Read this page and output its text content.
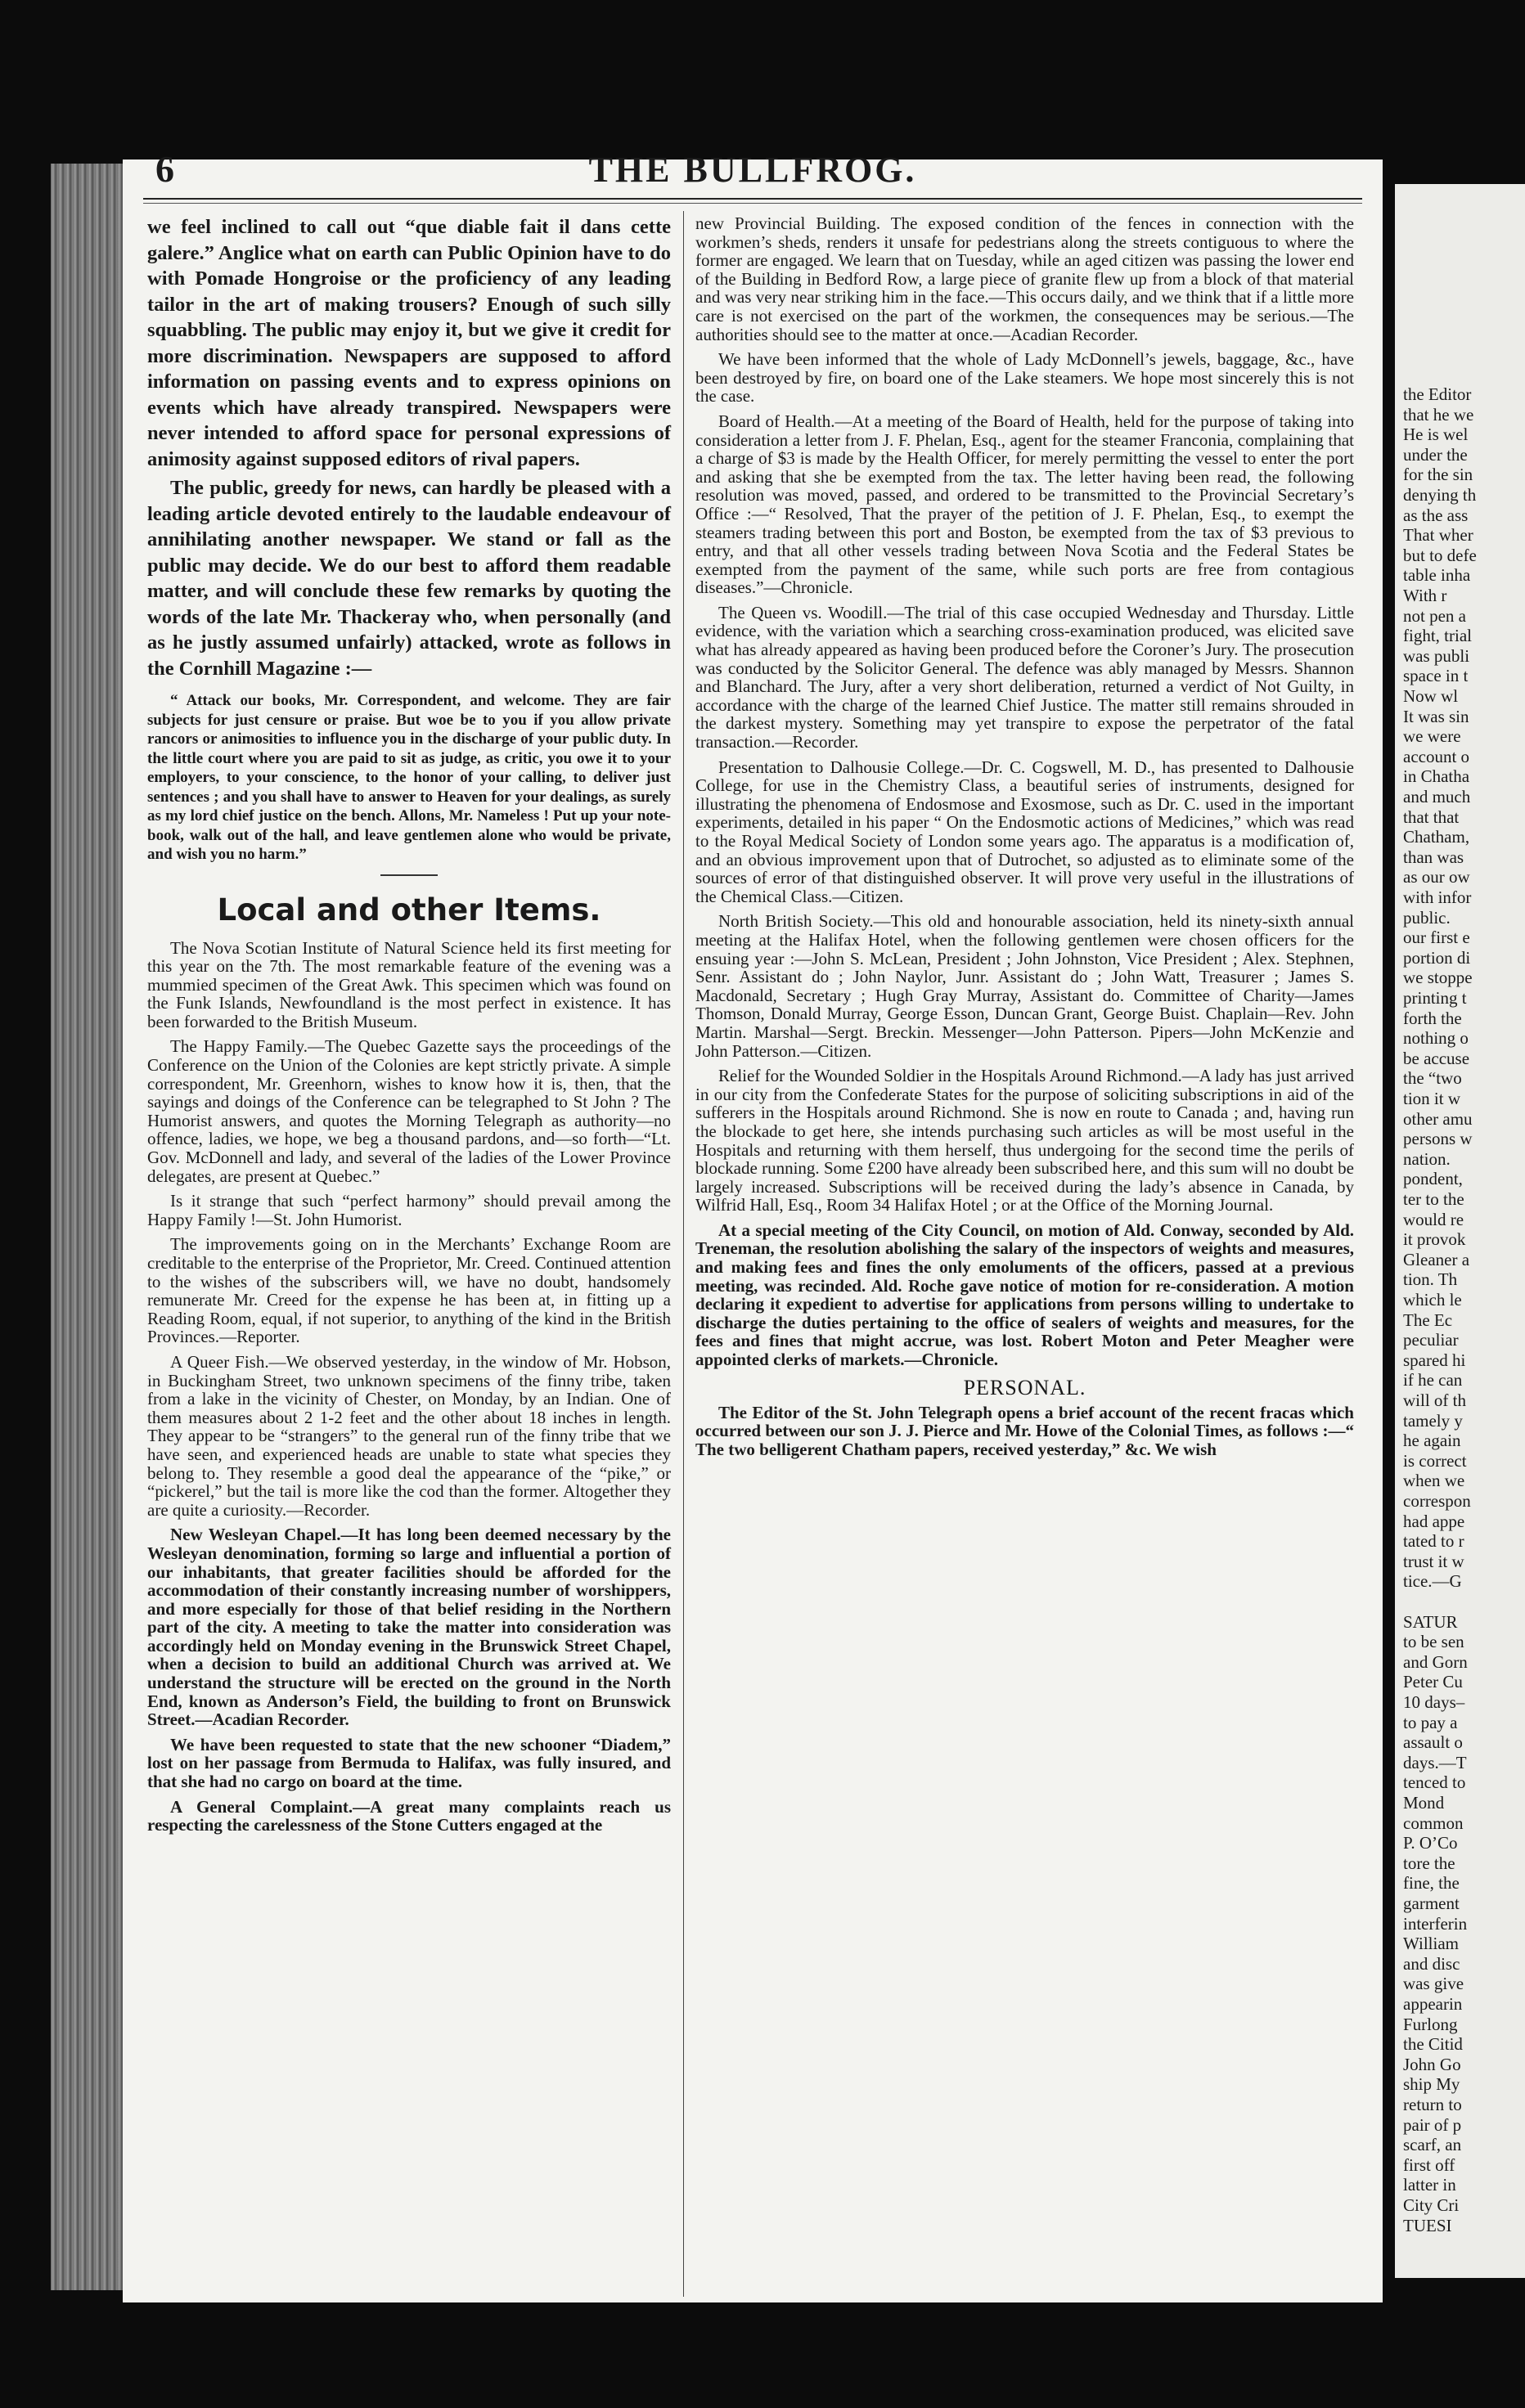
6	THE BULLFROG.

we feel inclined to call out “que diable fait il dans cette galere.” Anglice what on earth can Public Opinion have to do with Pomade Hongroise or the proficiency of any leading tailor in the art of making trousers? Enough of such silly squabbling. The public may enjoy it, but we give it credit for more discrimination. Newspapers are supposed to afford information on passing events and to express opinions on events which have already transpired. Newspapers were never intended to afford space for personal expressions of animosity against supposed editors of rival papers.

The public, greedy for news, can hardly be pleased with a leading article devoted entirely to the laudable endeavour of annihilating another newspaper. We stand or fall as the public may decide. We do our best to afford them readable matter, and will conclude these few remarks by quoting the words of the late Mr. Thackeray who, when personally (and as he justly assumed unfairly) attacked, wrote as follows in the Cornhill Magazine :—

“ Attack our books, Mr. Correspondent, and welcome. They are fair subjects for just censure or praise. But woe be to you if you allow private rancors or animosities to influence you in the discharge of your public duty. In the little court where you are paid to sit as judge, as critic, you owe it to your employers, to your conscience, to the honor of your calling, to deliver just sentences ; and you shall have to answer to Heaven for your dealings, as surely as my lord chief justice on the bench. Allons, Mr. Nameless ! Put up your note-book, walk out of the hall, and leave gentlemen alone who would be private, and wish you no harm.”

Local and other Items.

The Nova Scotian Institute of Natural Science held its first meeting for this year on the 7th. The most remarkable feature of the evening was a mummied specimen of the Great Awk. This specimen which was found on the Funk Islands, Newfoundland is the most perfect in existence. It has been forwarded to the British Museum.

The Happy Family.—The Quebec Gazette says the proceedings of the Conference on the Union of the Colonies are kept strictly private. A simple correspondent, Mr. Greenhorn, wishes to know how it is, then, that the sayings and doings of the Conference can be telegraphed to St John ? The Humorist answers, and quotes the Morning Telegraph as authority—no offence, ladies, we hope, we beg a thousand pardons, and—so forth—“Lt. Gov. McDonnell and lady, and several of the ladies of the Lower Province delegates, are present at Quebec.”

Is it strange that such “perfect harmony” should prevail among the Happy Family !—St. John Humorist.

The improvements going on in the Merchants’ Exchange Room are creditable to the enterprise of the Proprietor, Mr. Creed. Continued attention to the wishes of the subscribers will, we have no doubt, handsomely remunerate Mr. Creed for the expense he has been at, in fitting up a Reading Room, equal, if not superior, to anything of the kind in the British Provinces.—Reporter.

A Queer Fish.—We observed yesterday, in the window of Mr. Hobson, in Buckingham Street, two unknown specimens of the finny tribe, taken from a lake in the vicinity of Chester, on Monday, by an Indian. One of them measures about 2 1-2 feet and the other about 18 inches in length. They appear to be “strangers” to the general run of the finny tribe that we have seen, and experienced heads are unable to state what species they belong to. They resemble a good deal the appearance of the “pike,” or “pickerel,” but the tail is more like the cod than the former. Altogether they are quite a curiosity.—Recorder.

New Wesleyan Chapel.—It has long been deemed necessary by the Wesleyan denomination, forming so large and influential a portion of our inhabitants, that greater facilities should be afforded for the accommodation of their constantly increasing number of worshippers, and more especially for those of that belief residing in the Northern part of the city. A meeting to take the matter into consideration was accordingly held on Monday evening in the Brunswick Street Chapel, when a decision to build an additional Church was arrived at. We understand the structure will be erected on the ground in the North End, known as Anderson’s Field, the building to front on Brunswick Street.—Acadian Recorder.

We have been requested to state that the new schooner “Diadem,” lost on her passage from Bermuda to Halifax, was fully insured, and that she had no cargo on board at the time.

A General Complaint.—A great many complaints reach us respecting the carelessness of the Stone Cutters engaged at the

new Provincial Building. The exposed condition of the fences in connection with the workmen’s sheds, renders it unsafe for pedestrians along the streets contiguous to where the former are engaged. We learn that on Tuesday, while an aged citizen was passing the lower end of the Building in Bedford Row, a large piece of granite flew up from a block of that material and was very near striking him in the face.—This occurs daily, and we think that if a little more care is not exercised on the part of the workmen, the consequences may be serious.—The authorities should see to the matter at once.—Acadian Recorder.

We have been informed that the whole of Lady McDonnell’s jewels, baggage, &c., have been destroyed by fire, on board one of the Lake steamers. We hope most sincerely this is not the case.

Board of Health.—At a meeting of the Board of Health, held for the purpose of taking into consideration a letter from J. F. Phelan, Esq., agent for the steamer Franconia, complaining that a charge of $3 is made by the Health Officer, for merely permitting the vessel to enter the port and asking that she be exempted from the tax. The letter having been read, the following resolution was moved, passed, and ordered to be transmitted to the Provincial Secretary’s Office :—“ Resolved, That the prayer of the petition of J. F. Phelan, Esq., to exempt the steamers trading between this port and Boston, be exempted from the tax of $3 previous to entry, and that all other vessels trading between Nova Scotia and the Federal States be exempted from the payment of the same, while such ports are free from contagious diseases.”—Chronicle.

The Queen vs. Woodill.—The trial of this case occupied Wednesday and Thursday. Little evidence, with the variation which a searching cross-examination produced, was elicited save what has already appeared as having been produced before the Coroner’s Jury. The prosecution was conducted by the Solicitor General. The defence was ably managed by Messrs. Shannon and Blanchard. The Jury, after a very short deliberation, returned a verdict of Not Guilty, in accordance with the charge of the learned Chief Justice. The matter still remains shrouded in the darkest mystery. Something may yet transpire to expose the perpetrator of the fatal transaction.—Recorder.

Presentation to Dalhousie College.—Dr. C. Cogswell, M. D., has presented to Dalhousie College, for use in the Chemistry Class, a beautiful series of instruments, designed for illustrating the phenomena of Endosmose and Exosmose, such as Dr. C. used in the important experiments, detailed in his paper “ On the Endosmotic actions of Medicines,” which was read to the Royal Medical Society of London some years ago. The apparatus is a modification of, and an obvious improvement upon that of Dutrochet, so adjusted as to eliminate some of the sources of error of that distinguished observer. It will prove very useful in the illustrations of the Chemical Class.—Citizen.

North British Society.—This old and honourable association, held its ninety-sixth annual meeting at the Halifax Hotel, when the following gentlemen were chosen officers for the ensuing year :—John S. McLean, President ; John Johnston, Vice President ; Alex. Stephnen, Senr. Assistant do ; John Naylor, Junr. Assistant do ; John Watt, Treasurer ; James S. Macdonald, Secretary ; Hugh Gray Murray, Assistant do. Committee of Charity—James Thomson, Donald Murray, George Esson, Duncan Grant, George Buist. Chaplain—Rev. John Martin. Marshal—Sergt. Breckin. Messenger—John Patterson. Pipers—John McKenzie and John Patterson.—Citizen.

Relief for the Wounded Soldier in the Hospitals Around Richmond.—A lady has just arrived in our city from the Confederate States for the purpose of soliciting subscriptions in aid of the sufferers in the Hospitals around Richmond. She is now en route to Canada ; and, having run the blockade to get here, she intends purchasing such articles as will be most useful in the Hospitals and returning with them herself, thus undergoing for the second time the perils of blockade running. Some £200 have already been subscribed here, and this sum will no doubt be largely increased. Subscriptions will be received during the lady’s absence in Canada, by Wilfrid Hall, Esq., Room 34 Halifax Hotel ; or at the Office of the Morning Journal.

At a special meeting of the City Council, on motion of Ald. Conway, seconded by Ald. Treneman, the resolution abolishing the salary of the inspectors of weights and measures, and making fees and fines the only emoluments of the officers, passed at a previous meeting, was recinded. Ald. Roche gave notice of motion for re-consideration. A motion declaring it expedient to advertise for applications from persons willing to undertake to discharge the duties pertaining to the office of sealers of weights and measures, for the fees and fines that might accrue, was lost. Robert Moton and Peter Meagher were appointed clerks of markets.—Chronicle.

PERSONAL.

The Editor of the St. John Telegraph opens a brief account of the recent fracas which occurred between our son J. J. Pierce and Mr. Howe of the Colonial Times, as follows :—“ The two belligerent Chatham papers, received yesterday,” &c. We wish

the Editor
that he we
He is wel
under the
for the sin
denying th
as the ass
That wher
but to defe
table inha
With r
not pen a
fight, trial
was publi
space in t
Now wl
It was sin
we were
account o
in Chatha
and much
that that
Chatham,
than was
as our ow
with infor
public.
our first e
portion di
we stoppe
printing t
forth the
nothing o
be accuse
the “two
tion it w
other amu
persons w
nation.
pondent,
ter to the
would re
it provok
Gleaner a
tion. Th
which le
The Ec
peculiar
spared hi
if he can
will of th
tamely y
he again
is correct
when we
correspon
had appe
tated to r
trust it w
tice.—G
SATUR
to be sen
and Gorn
Peter Cu
10 days–
to pay a
assault o
days.—T
tenced to
Mond
common
P. O’Co
tore the
fine, the
garment
interferin
William
and disc
was give
appearin
Furlong
the Citid
John Go
ship My
return to
pair of p
scarf, an
first off
latter in
City Cri
TUESI
